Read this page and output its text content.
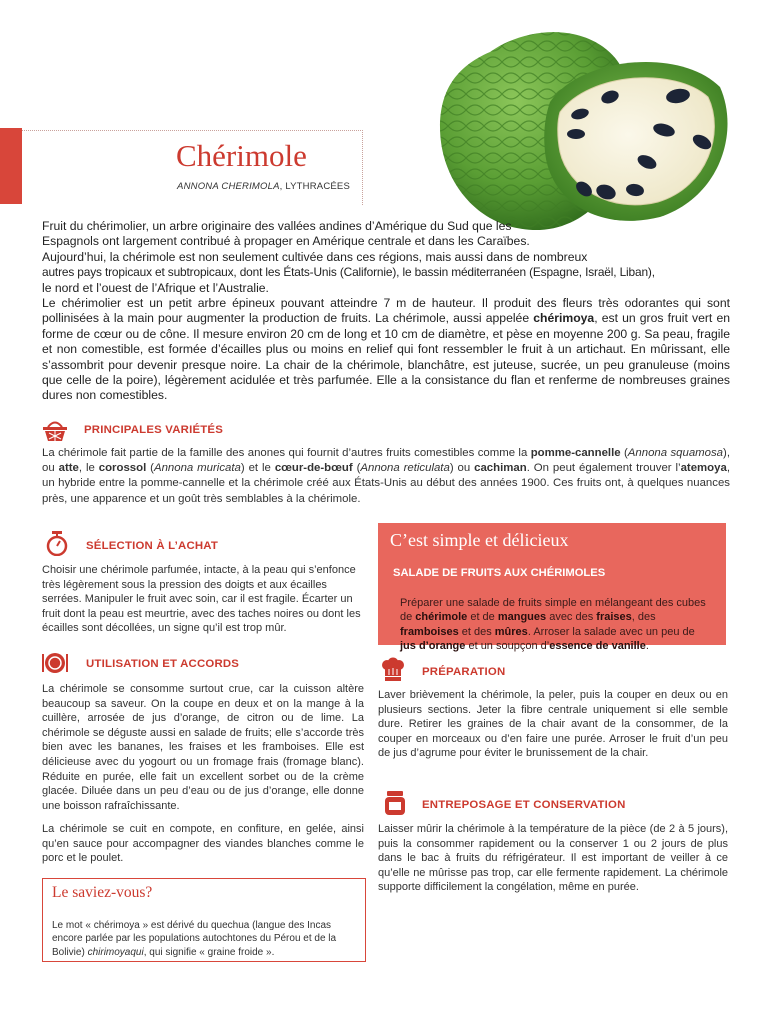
Chérimole
ANNONA CHERIMOLA, LYTHRACÉES
Fruit du chérimolier, un arbre originaire des vallées andines d’Amérique du Sud que les
Espagnols ont largement contribué à propager en Amérique centrale et dans les Caraïbes.
Aujourd’hui, la chérimole est non seulement cultivée dans ces régions, mais aussi dans de nombreux
autres pays tropicaux et subtropicaux, dont les États-Unis (Californie), le bassin méditerranéen (Espagne, Israël, Liban),
le nord et l’ouest de l’Afrique et l’Australie.

Le chérimolier est un petit arbre épineux pouvant atteindre 7 m de hauteur. Il produit des fleurs très odorantes qui sont pollinisées à la main pour augmenter la production de fruits. La chérimole, aussi appelée chérimoya, est un gros fruit vert en forme de cœur ou de cône. Il mesure environ 20 cm de long et 10 cm de diamètre, et pèse en moyenne 200 g. Sa peau, fragile et non comestible, est formée d’écailles plus ou moins en relief qui font ressembler le fruit à un artichaut. En mûrissant, elle s’assombrit pour devenir presque noire. La chair de la chérimole, blanchâtre, est juteuse, sucrée, un peu granuleuse (moins que celle de la poire), légèrement acidulée et très parfumée. Elle a la consistance du flan et renferme de nombreuses graines dures non comestibles.

PRINCIPALES VARIÉTÉS

La chérimole fait partie de la famille des anones qui fournit d’autres fruits comestibles comme la pomme-cannelle (Annona squamosa), ou atte, le corossol (Annona muricata) et le cœur-de-bœuf (Annona reticulata) ou cachiman. On peut également trouver l’atemoya, un hybride entre la pomme-cannelle et la chérimole créé aux États-Unis au début des années 1900. Ces fruits ont, à quelques nuances près, une apparence et un goût très semblables à la chérimole.

SÉLECTION À L’ACHAT

Choisir une chérimole parfumée, intacte, à la peau qui s’enfonce très légèrement sous la pression des doigts et aux écailles serrées. Manipuler le fruit avec soin, car il est fragile. Écarter un fruit dont la peau est meurtrie, avec des taches noires ou dont les écailles sont décollées, un signe qu’il est trop mûr.

UTILISATION ET ACCORDS

La chérimole se consomme surtout crue, car la cuisson altère beaucoup sa saveur. On la coupe en deux et on la mange à la cuillère, arrosée de jus d’orange, de citron ou de lime. La chérimole se déguste aussi en salade de fruits; elle s’accorde très bien avec les bananes, les fraises et les framboises. Elle est délicieuse avec du yogourt ou un fromage frais (fromage blanc). Réduite en purée, elle fait un excellent sorbet ou de la crème glacée. Diluée dans un peu d’eau ou de jus d’orange, elle donne une boisson rafraîchissante.

La chérimole se cuit en compote, en confiture, en gelée, ainsi qu’en sauce pour accompagner des viandes blanches comme le porc et le poulet.

Le saviez-vous?

Le mot « chérimoya » est dérivé du quechua (langue des Incas encore parlée par les populations autochtones du Pérou et de la Bolivie) chirimoyaqui, qui signifie « graine froide ».

C’est simple et délicieux
SALADE DE FRUITS AUX CHÉRIMOLES

Préparer une salade de fruits simple en mélangeant des cubes de chérimole et de mangues avec des fraises, des framboises et des mûres. Arroser la salade avec un peu de jus d’orange et un soupçon d’essence de vanille.

PRÉPARATION

Laver brièvement la chérimole, la peler, puis la couper en deux ou en plusieurs sections. Jeter la fibre centrale uniquement si elle semble dure. Retirer les graines de la chair avant de la consommer, de la couper en morceaux ou d’en faire une purée. Arroser le fruit d’un peu de jus d’agrume pour éviter le brunissement de la chair.

ENTREPOSAGE ET CONSERVATION

Laisser mûrir la chérimole à la température de la pièce (de 2 à 5 jours), puis la consommer rapidement ou la conserver 1 ou 2 jours de plus dans le bac à fruits du réfrigérateur. Il est important de veiller à ce qu’elle ne mûrisse pas trop, car elle fermente rapidement. La chérimole supporte difficilement la congélation, même en purée.
